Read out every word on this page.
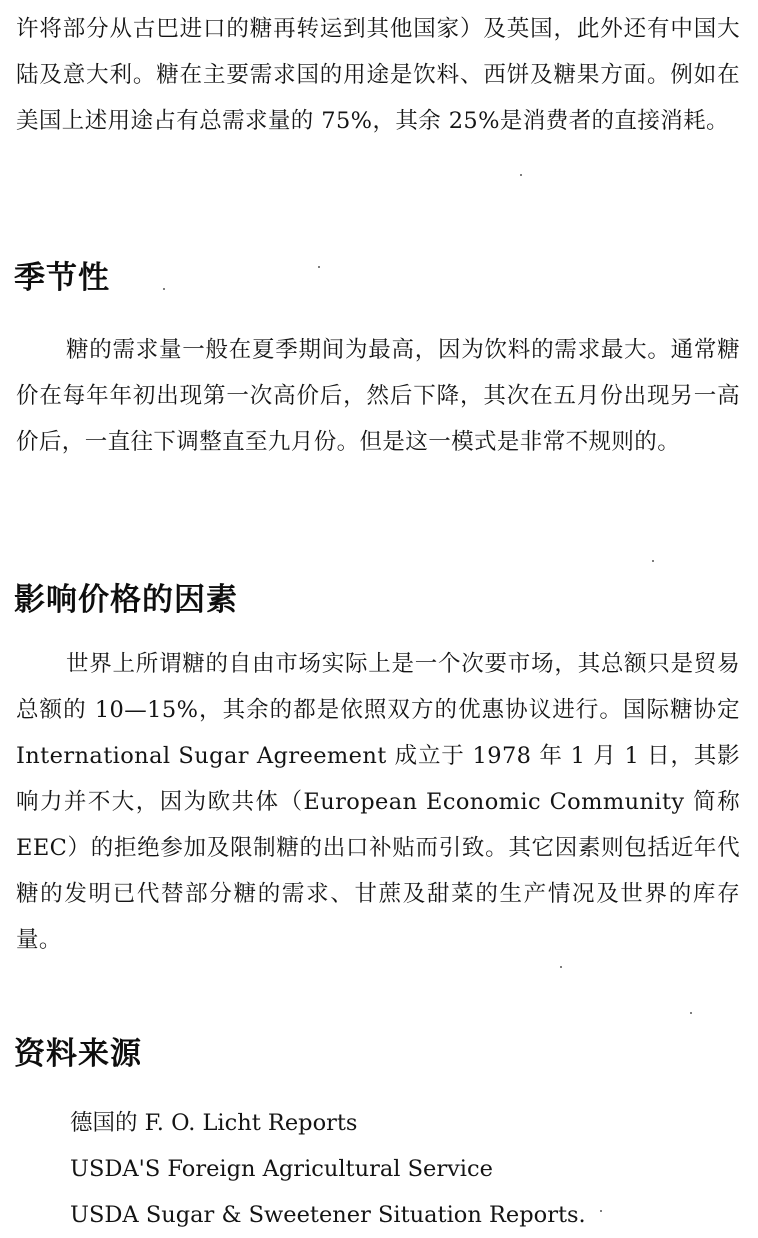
许将部分从古巴进口的糖再转运到其他国家）及英国，此外还有中国大陆及意大利。糖在主要需求国的用途是饮料、西饼及糖果方面。例如在美国上述用途占有总需求量的 75%，其余 25%是消费者的直接消耗。

季节性

糖的需求量一般在夏季期间为最高，因为饮料的需求最大。通常糖价在每年年初出现第一次高价后，然后下降，其次在五月份出现另一高价后，一直往下调整直至九月份。但是这一模式是非常不规则的。

影响价格的因素

世界上所谓糖的自由市场实际上是一个次要市场，其总额只是贸易总额的 10—15%，其余的都是依照双方的优惠协议进行。国际糖协定 International Sugar Agreement 成立于 1978 年 1 月 1 日，其影响力并不大，因为欧共体（European Economic Community 简称 EEC）的拒绝参加及限制糖的出口补贴而引致。其它因素则包括近年代糖的发明已代替部分糖的需求、甘蔗及甜菜的生产情况及世界的库存量。

资料来源
德国的 F. O. Licht Reports
USDA'S Foreign Agricultural Service
USDA Sugar & Sweetener Situation Reports.
